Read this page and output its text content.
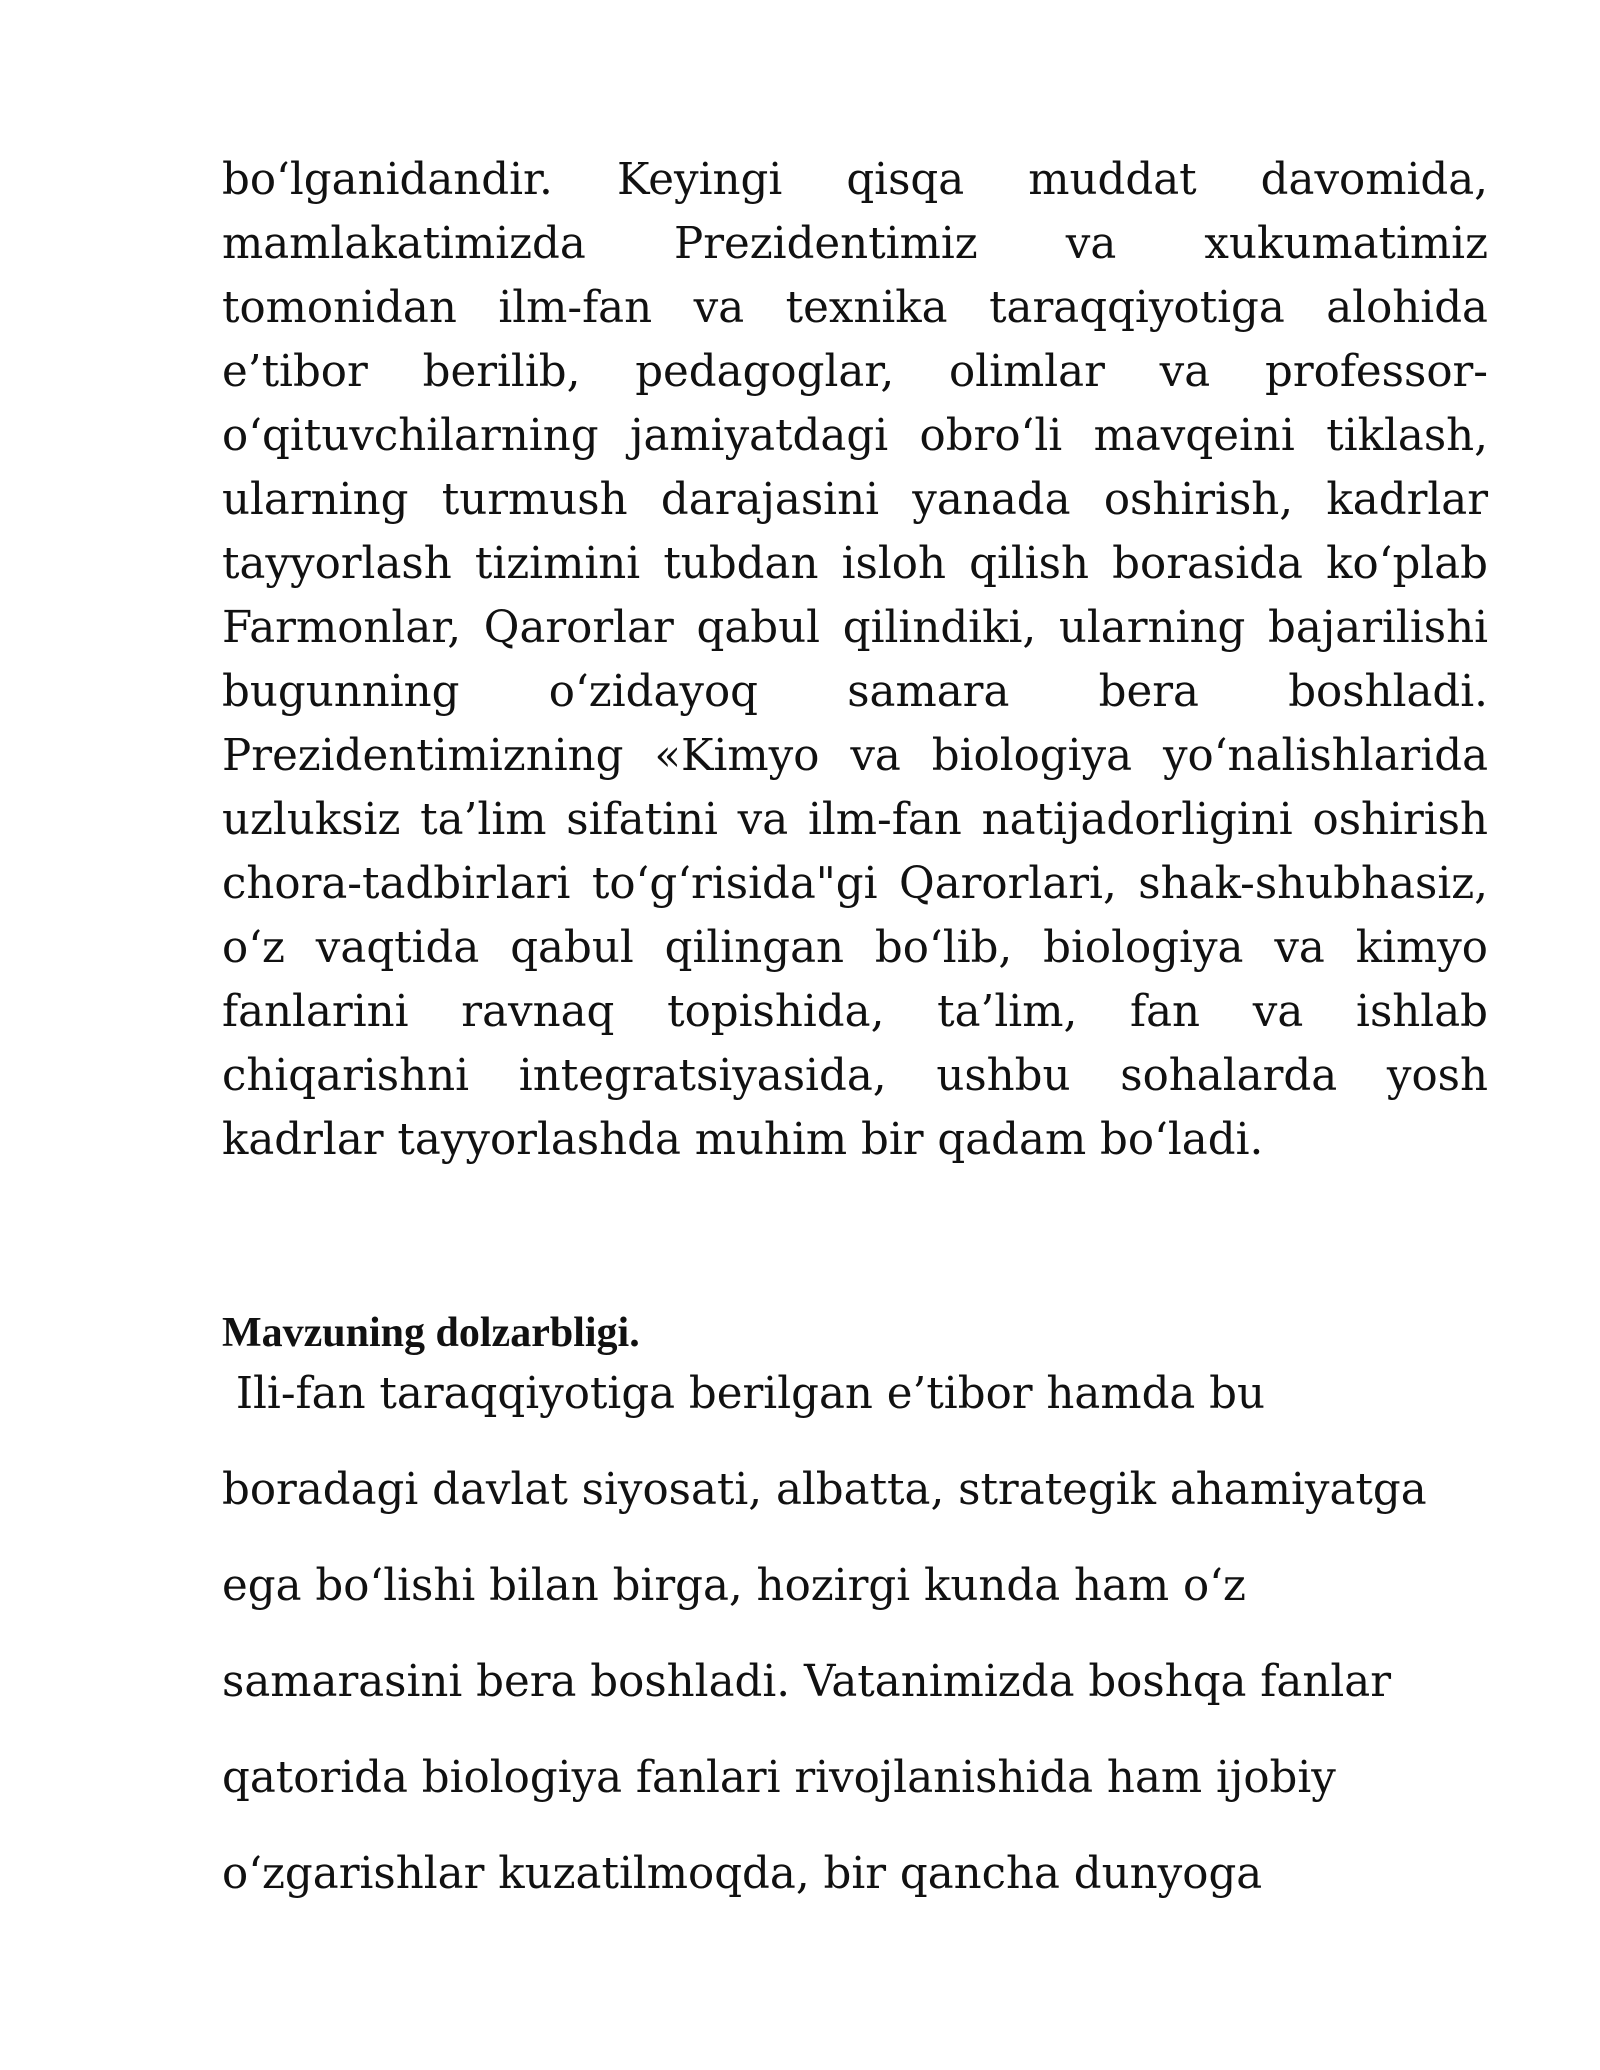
bo‘lganidandir. Keyingi qisqa muddat davomida, mamlakatimizda Prezidentimiz va xukumatimiz tomonidan ilm-fan va texnika taraqqiyotiga alohida e’tibor berilib, pedagoglar, olimlar va professor-o‘qituvchilarning jamiyatdagi obro‘li mavqeini tiklash, ularning turmush darajasini yanada oshirish, kadrlar tayyorlash tizimini tubdan isloh qilish borasida ko‘plab Farmonlar, Qarorlar qabul qilindiki, ularning bajarilishi bugunning o‘zidayoq samara bera boshladi. Prezidentimizning «Kimyo va biologiya yo‘nalishlarida uzluksiz ta’lim sifatini va ilm-fan natijadorligini oshirish chora-tadbirlari to‘g‘risida"gi Qarorlari, shak-shubhasiz, o‘z vaqtida qabul qilingan bo‘lib, biologiya va kimyo fanlarini ravnaq topishida, ta’lim, fan va ishlab chiqarishni integratsiyasida, ushbu sohalarda yosh kadrlar tayyorlashda muhim bir qadam bo‘ladi.

Mavzuning dolzarbligi.

Ili-fan taraqqiyotiga berilgan e’tibor hamda bu
boradagi davlat siyosati, albatta, strategik ahamiyatga
ega bo‘lishi bilan birga, hozirgi kunda ham o‘z
samarasini bera boshladi. Vatanimizda boshqa fanlar
qatorida biologiya fanlari rivojlanishida ham ijobiy
o‘zgarishlar kuzatilmoqda, bir qancha dunyoga
